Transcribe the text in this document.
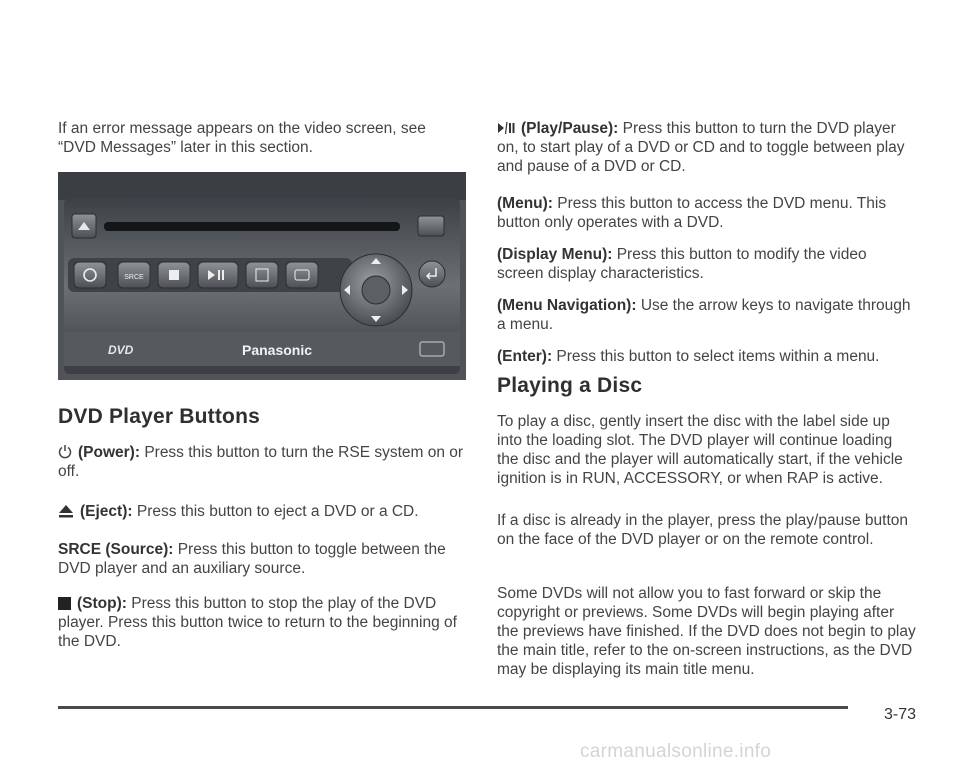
If an error message appears on the video screen, see “DVD Messages” later in this section.

SRCE
DVD	Panasonic
DVD Player Buttons
(Power): Press this button to turn the RSE system on or off.
(Eject): Press this button to eject a DVD or a CD.
SRCE (Source): Press this button to toggle between the DVD player and an auxiliary source.
(Stop): Press this button to stop the play of the DVD player. Press this button twice to return to the beginning of the DVD.
(Play/Pause): Press this button to turn the DVD player on, to start play of a DVD or CD and to toggle between play and pause of a DVD or CD.
(Menu): Press this button to access the DVD menu. This button only operates with a DVD.
(Display Menu): Press this button to modify the video screen display characteristics.
(Menu Navigation): Use the arrow keys to navigate through a menu.
(Enter): Press this button to select items within a menu.
Playing a Disc

To play a disc, gently insert the disc with the label side up into the loading slot. The DVD player will continue loading the disc and the player will automatically start, if the vehicle ignition is in RUN, ACCESSORY, or when RAP is active.

If a disc is already in the player, press the play/pause button on the face of the DVD player or on the remote control.

Some DVDs will not allow you to fast forward or skip the copyright or previews. Some DVDs will begin playing after the previews have finished. If the DVD does not begin to play the main title, refer to the on-screen instructions, as the DVD may be displaying its main title menu.

3-73
carmanualsonline.info
